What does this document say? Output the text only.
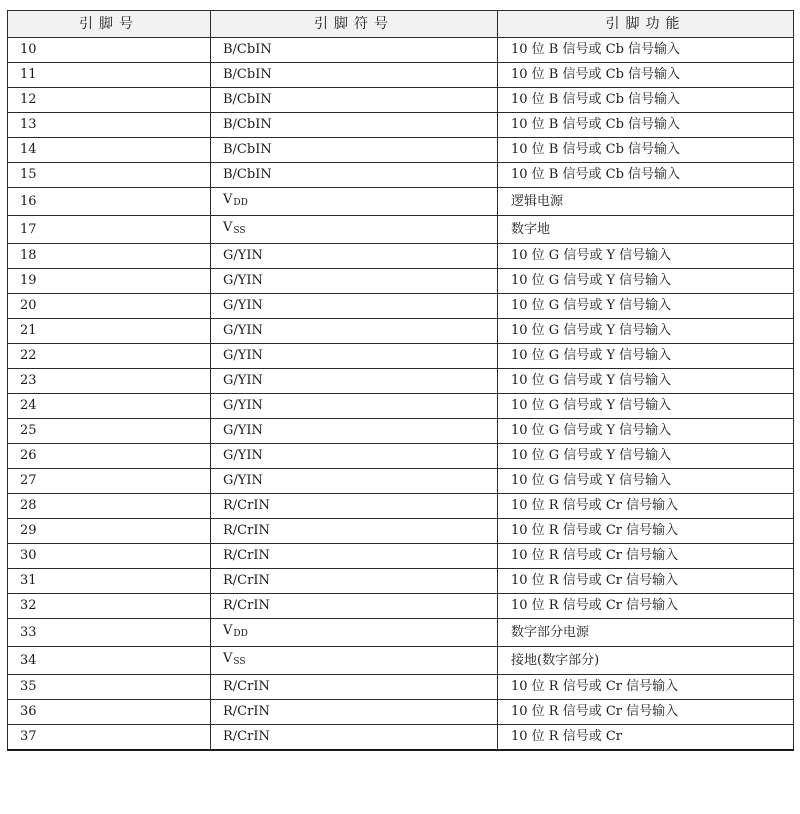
引脚号	引脚符号	引脚功能
10	B/CbIN	10 位 B 信号或 Cb 信号输入
11	B/CbIN	10 位 B 信号或 Cb 信号输入
12	B/CbIN	10 位 B 信号或 Cb 信号输入
13	B/CbIN	10 位 B 信号或 Cb 信号输入
14	B/CbIN	10 位 B 信号或 Cb 信号输入
15	B/CbIN	10 位 B 信号或 Cb 信号输入
16	$V_{DD}$	逻辑电源
17	$V_{SS}$	数字地
18	G/YIN	10 位 G 信号或 Y 信号输入
19	G/YIN	10 位 G 信号或 Y 信号输入
20	G/YIN	10 位 G 信号或 Y 信号输入
21	G/YIN	10 位 G 信号或 Y 信号输入
22	G/YIN	10 位 G 信号或 Y 信号输入
23	G/YIN	10 位 G 信号或 Y 信号输入
24	G/YIN	10 位 G 信号或 Y 信号输入
25	G/YIN	10 位 G 信号或 Y 信号输入
26	G/YIN	10 位 G 信号或 Y 信号输入
27	G/YIN	10 位 G 信号或 Y 信号输入
28	R/CrIN	10 位 R 信号或 Cr 信号输入
29	R/CrIN	10 位 R 信号或 Cr 信号输入
30	R/CrIN	10 位 R 信号或 Cr 信号输入
31	R/CrIN	10 位 R 信号或 Cr 信号输入
32	R/CrIN	10 位 R 信号或 Cr 信号输入
33	$V_{DD}$	数字部分电源
34	$V_{SS}$	接地(数字部分)
35	R/CrIN	10 位 R 信号或 Cr 信号输入
36	R/CrIN	10 位 R 信号或 Cr 信号输入
37	R/CrIN	10 位 R 信号或 Cr
